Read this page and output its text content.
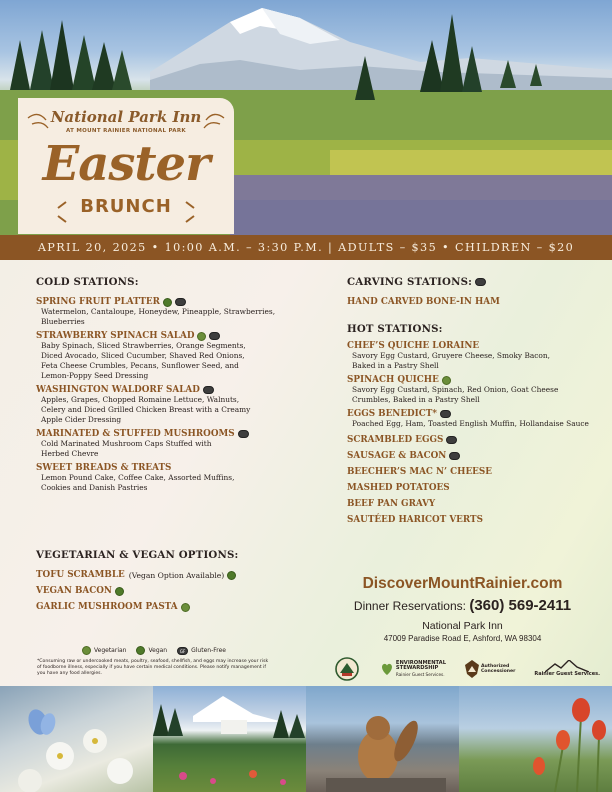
National Park Inn
AT MOUNT RAINIER NATIONAL PARK
Easter
BRUNCH
APRIL 20, 2025 • 10:00 A.M. – 3:30 P.M. | ADULTS – $35 • CHILDREN – $20
COLD STATIONS:
SPRING FRUIT PLATTER
Watermelon, Cantaloupe, Honeydew, Pineapple, Strawberries, Blueberries
STRAWBERRY SPINACH SALAD
Baby Spinach, Sliced Strawberries, Orange Segments, Diced Avocado, Sliced Cucumber, Shaved Red Onions, Feta Cheese Crumbles, Pecans, Sunflower Seed, and Lemon-Poppy Seed Dressing
WASHINGTON WALDORF SALAD
Apples, Grapes, Chopped Romaine Lettuce, Walnuts, Celery and Diced Grilled Chicken Breast with a Creamy Apple Cider Dressing
MARINATED & STUFFED MUSHROOMS
Cold Marinated Mushroom Caps Stuffed with Herbed Chevre
SWEET BREADS & TREATS
Lemon Pound Cake, Coffee Cake, Assorted Muffins, Cookies and Danish Pastries
VEGETARIAN & VEGAN OPTIONS:
TOFU SCRAMBLE (Vegan Option Available)
VEGAN BACON
GARLIC MUSHROOM PASTA
Vegetarian	Vegan	GF Gluten-Free
*Consuming raw or undercooked meats, poultry, seafood, shellfish, and eggs may increase your risk of foodborne illness, especially if you have certain medical conditions. Please notify management if you have any food allergies.
CARVING STATIONS:
HAND CARVED BONE-IN HAM
HOT STATIONS:
CHEF’S QUICHE LORAINE
Savory Egg Custard, Gruyere Cheese, Smoky Bacon, Baked in a Pastry Shell
SPINACH QUICHE
Savory Egg Custard, Spinach, Red Onion, Goat Cheese Crumbles, Baked in a Pastry Shell
EGGS BENEDICT*
Poached Egg, Ham, Toasted English Muffin, Hollandaise Sauce
SCRAMBLED EGGS
SAUSAGE & BACON
BEECHER’S MAC N’ CHEESE
MASHED POTATOES
BEEF PAN GRAVY
SAUTÉED HARICOT VERTS
DiscoverMountRainier.com
Dinner Reservations: (360) 569-2411
National Park Inn
47009 Paradise Road E, Ashford, WA 98304
ENVIRONMENTAL
STEWARDSHIP
Rainier Guest Services.
Authorized
Concessioner	Rainier Guest Services.
